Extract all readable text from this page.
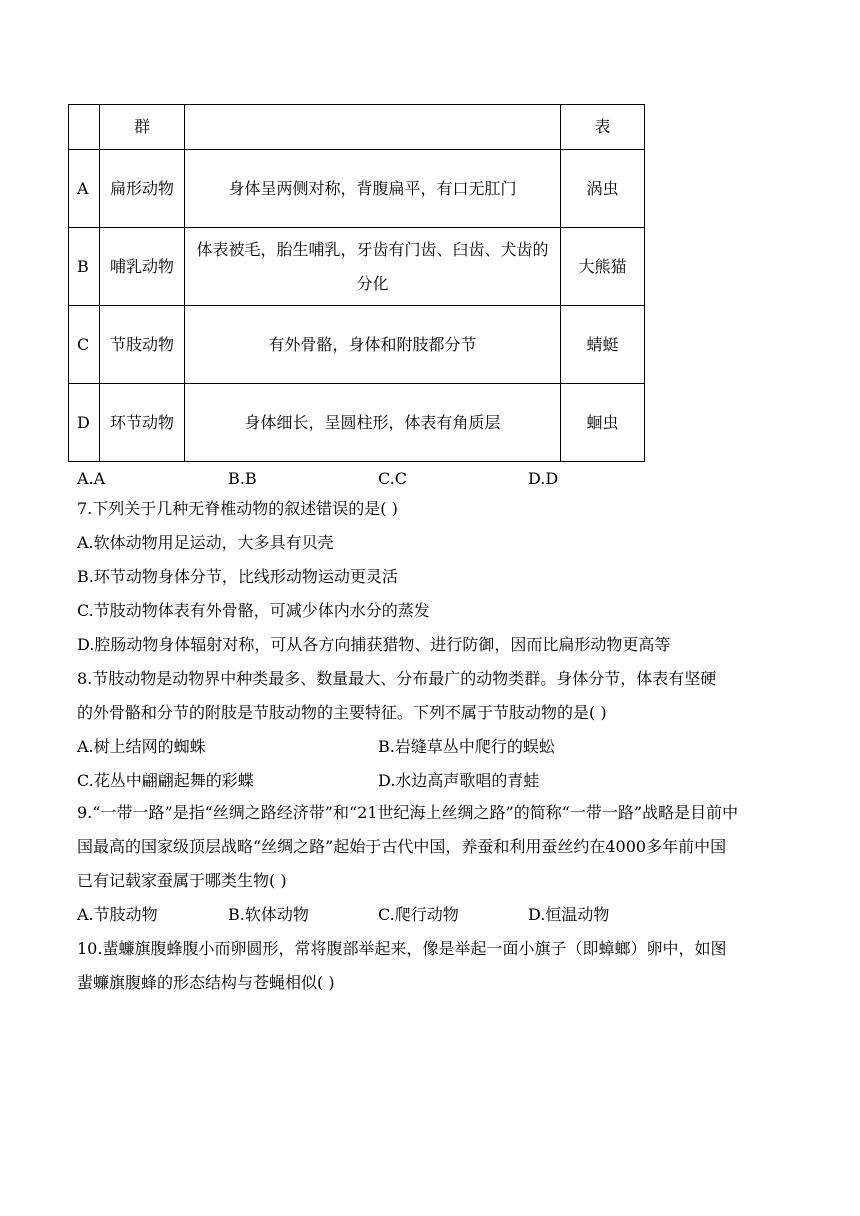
	群		表
A	扁形动物	身体呈两侧对称，背腹扁平，有口无肛门	涡虫
B	哺乳动物	体表被毛，胎生哺乳，牙齿有门齿、臼齿、犬齿的分化	大熊猫
C	节肢动物	有外骨骼，身体和附肢都分节	蜻蜓
D	环节动物	身体细长，呈圆柱形，体表有角质层	蛔虫
A.A	B.B	C.C	D.D
7.下列关于几种无脊椎动物的叙述错误的是( )
A.软体动物用足运动，大多具有贝壳
B.环节动物身体分节，比线形动物运动更灵活
C.节肢动物体表有外骨骼，可减少体内水分的蒸发
D.腔肠动物身体辐射对称，可从各方向捕获猎物、进行防御，因而比扁形动物更高等
8.节肢动物是动物界中种类最多、数量最大、分布最广的动物类群。身体分节，体表有坚硬
的外骨骼和分节的附肢是节肢动物的主要特征。下列不属于节肢动物的是( )
A.树上结网的蜘蛛	B.岩缝草丛中爬行的蜈蚣
C.花丛中翩翩起舞的彩蝶	D.水边高声歌唱的青蛙
9.“一带一路”是指“丝绸之路经济带”和“21世纪海上丝绸之路”的简称“一带一路”战略是目前中
国最高的国家级顶层战略“丝绸之路”起始于古代中国，养蚕和利用蚕丝约在4000多年前中国
已有记载家蚕属于哪类生物( )
A.节肢动物	B.软体动物	C.爬行动物	D.恒温动物
10.蜚蠊旗腹蜂腹小而卵圆形，常将腹部举起来，像是举起一面小旗子（即蟑螂）卵中，如图
蜚蠊旗腹蜂的形态结构与苍蝇相似( )
